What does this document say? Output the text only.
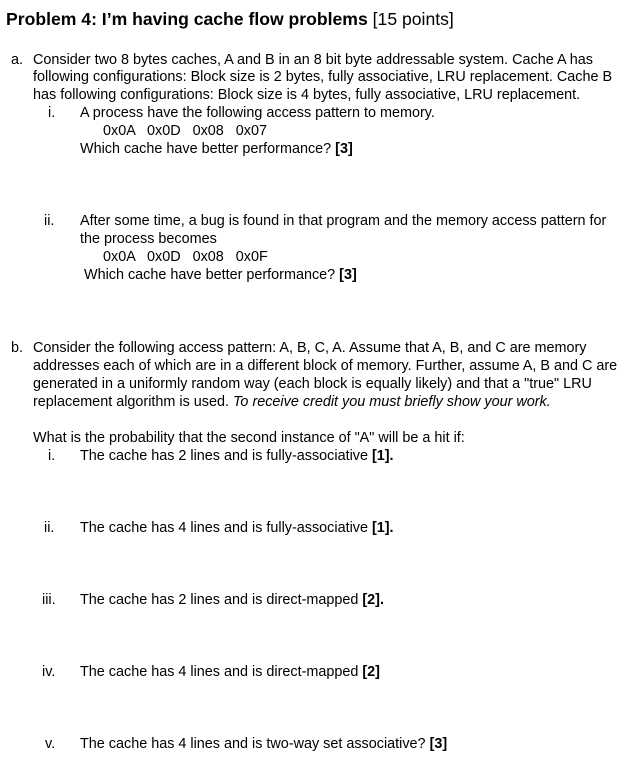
Problem 4: I’m having cache flow problems [15 points]
a. Consider two 8 bytes caches, A and B in an 8 bit byte addressable system. Cache A has
following configurations: Block size is 2 bytes, fully associative, LRU replacement. Cache B
has following configurations: Block size is 4 bytes, fully associative, LRU replacement.
i. A process have the following access pattern to memory.
0x0A   0x0D   0x08   0x07
Which cache have better performance? [3]
ii. After some time, a bug is found in that program and the memory access pattern for
the process becomes
0x0A   0x0D   0x08   0x0F
Which cache have better performance? [3]
b. Consider the following access pattern: A, B, C, A. Assume that A, B, and C are memory
addresses each of which are in a different block of memory. Further, assume A, B and C are
generated in a uniformly random way (each block is equally likely) and that a "true" LRU
replacement algorithm is used. To receive credit you must briefly show your work.
What is the probability that the second instance of "A" will be a hit if:
i. The cache has 2 lines and is fully-associative [1].
ii. The cache has 4 lines and is fully-associative [1].
iii. The cache has 2 lines and is direct-mapped [2].
iv. The cache has 4 lines and is direct-mapped [2]
v. The cache has 4 lines and is two-way set associative? [3]
